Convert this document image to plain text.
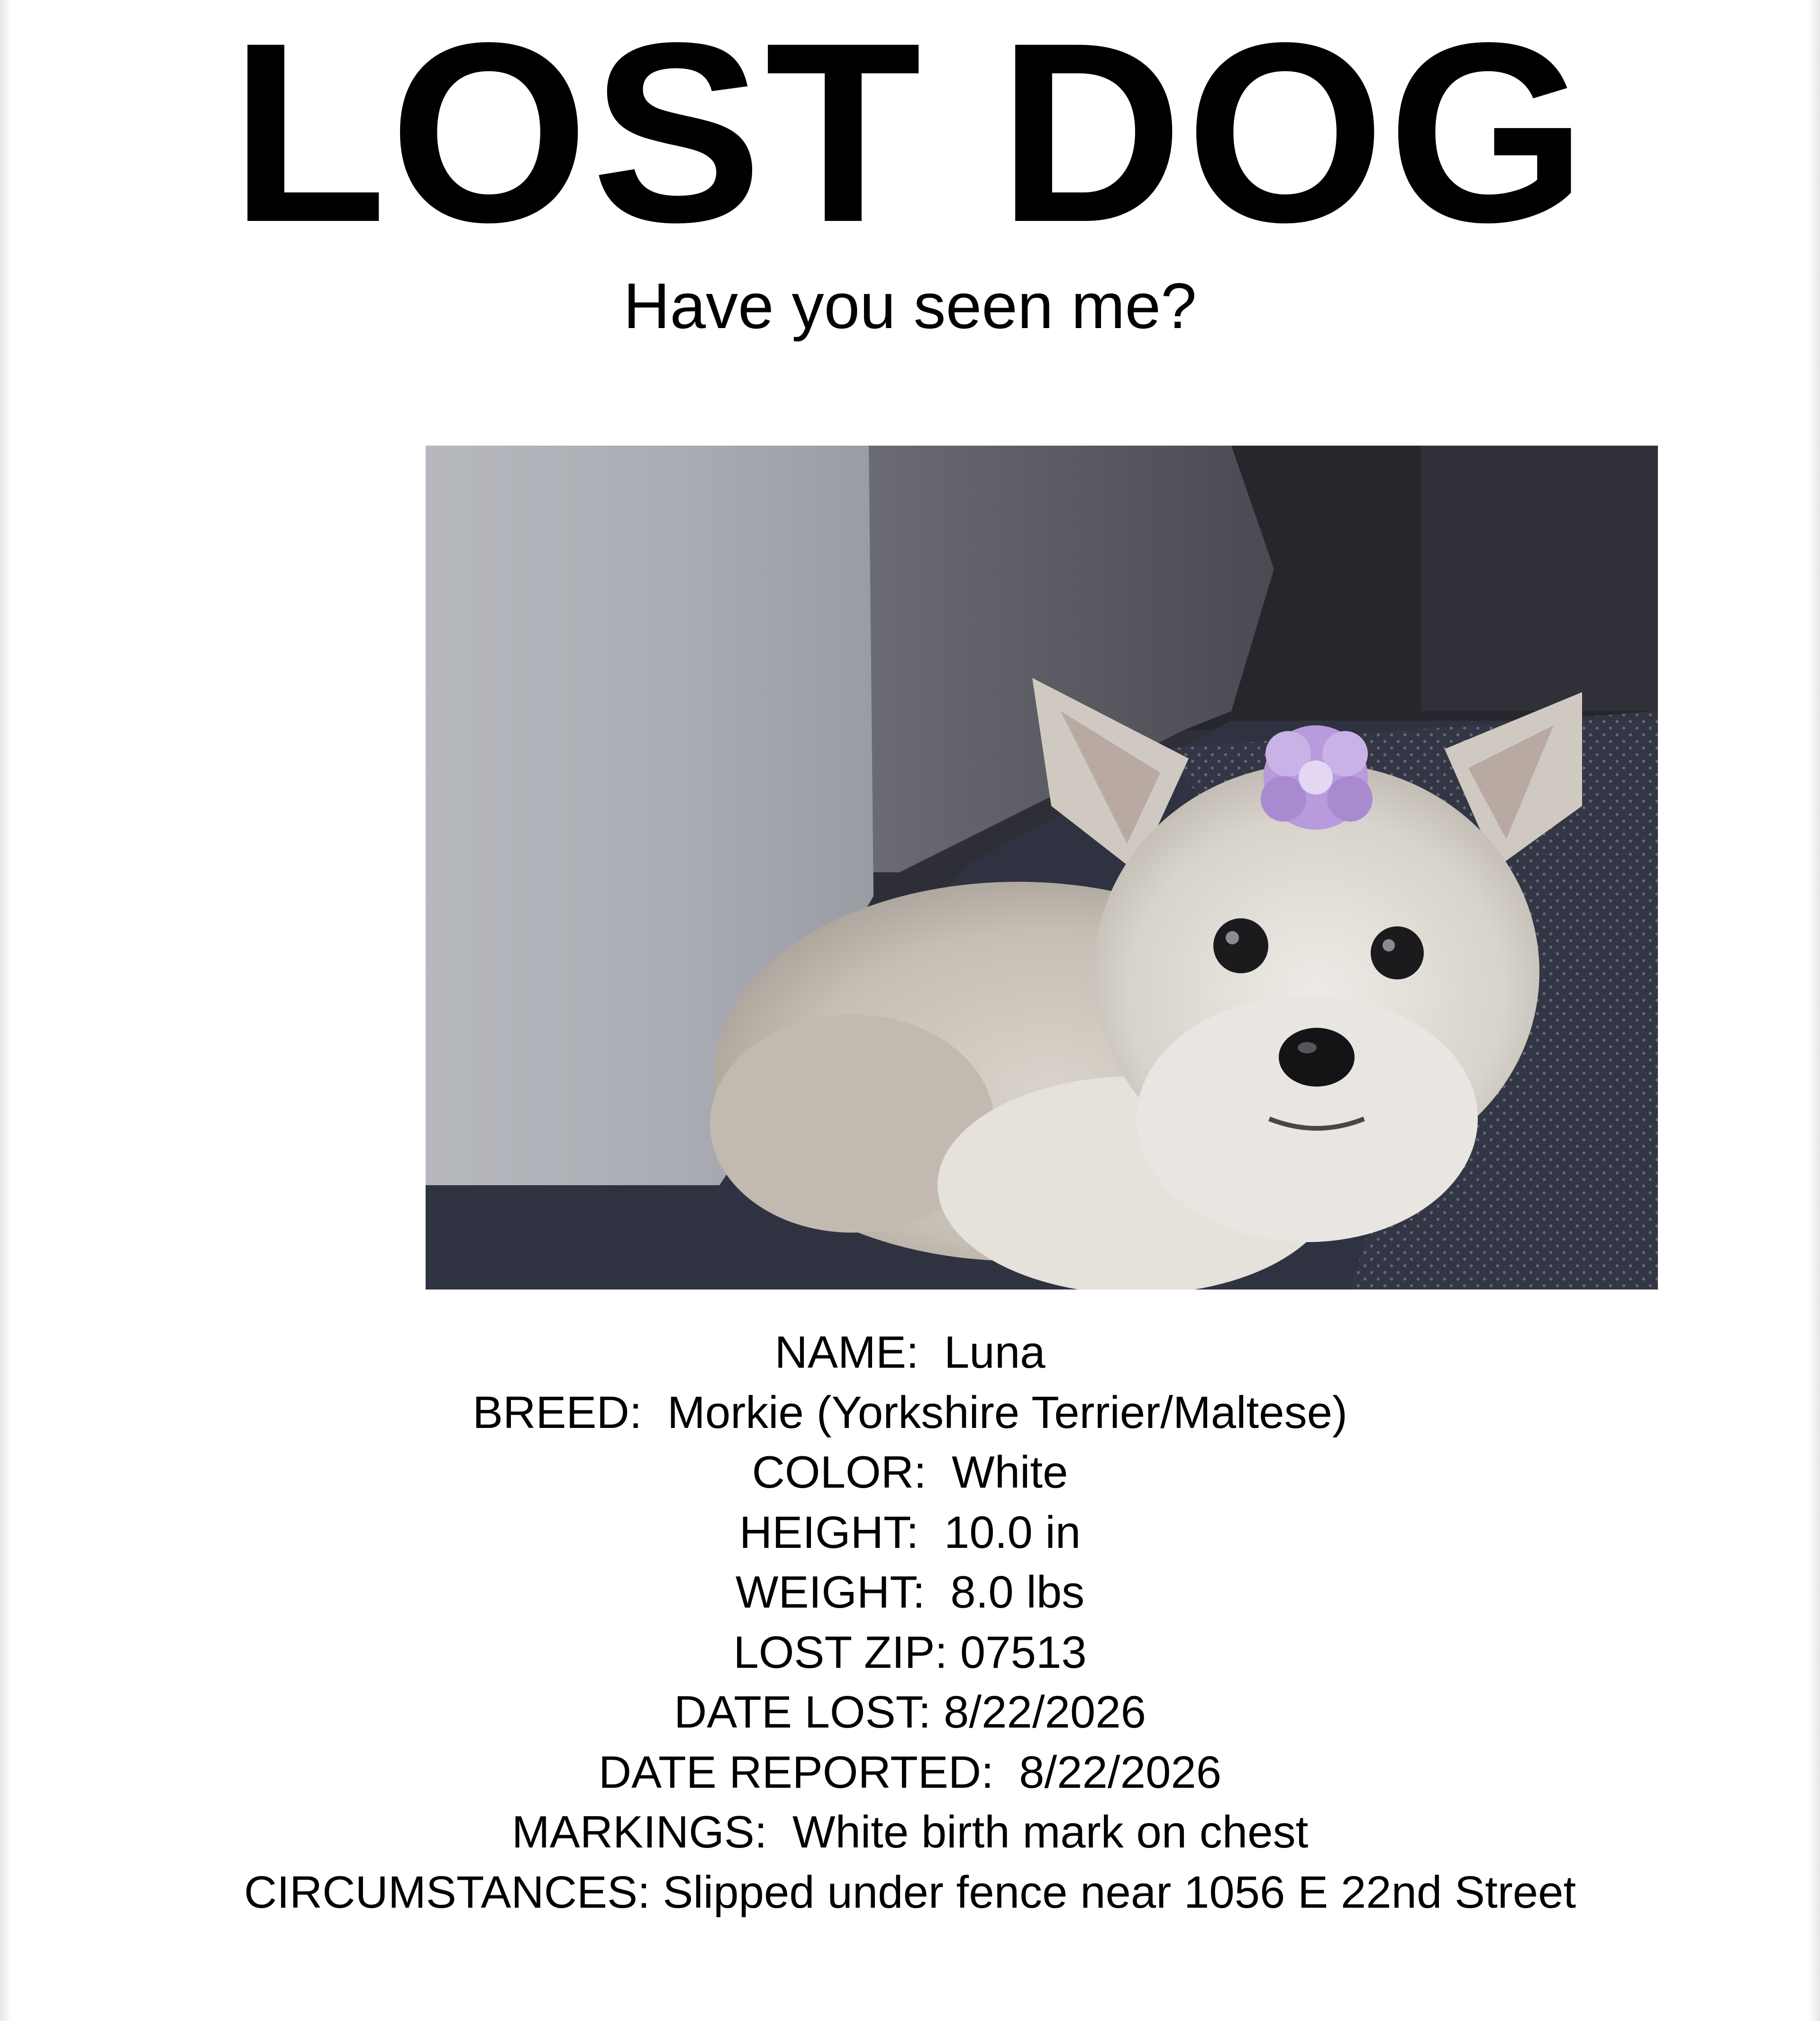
LOST DOG

Have you seen me?

NAME: Luna
BREED: Morkie (Yorkshire Terrier/Maltese)
COLOR: White
HEIGHT: 10.0 in
WEIGHT: 8.0 lbs
LOST ZIP: 07513
DATE LOST: 8/22/2026
DATE REPORTED: 8/22/2026
MARKINGS: White birth mark on chest
CIRCUMSTANCES: Slipped under fence near 1056 E 22nd Street
